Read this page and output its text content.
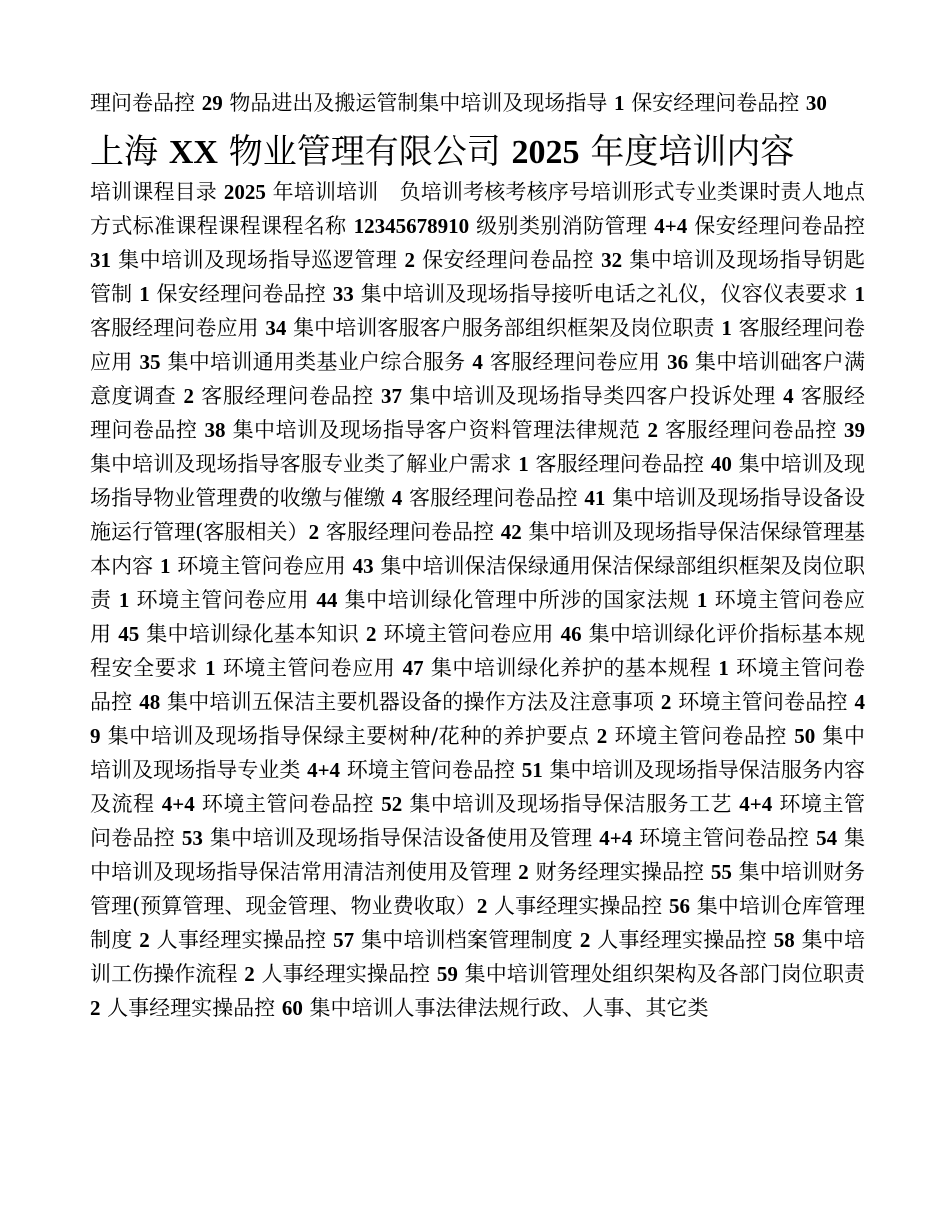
理问卷品控 29 物品进出及搬运管制集中培训及现场指导 1 保安经理问卷品控 30

上海 XX 物业管理有限公司 2025 年度培训内容

培训课程目录 2025 年培训培训　负培训考核考核序号培训形式专业类课时责人地点方式标准课程课程课程名称 12345678910 级别类别消防管理 4+4 保安经理问卷品控 31 集中培训及现场指导巡逻管理 2 保安经理问卷品控 32 集中培训及现场指导钥匙管制 1 保安经理问卷品控 33 集中培训及现场指导接听电话之礼仪，仪容仪表要求 1 客服经理问卷应用 34 集中培训客服客户服务部组织框架及岗位职责 1 客服经理问卷应用 35 集中培训通用类基业户综合服务 4 客服经理问卷应用 36 集中培训础客户满意度调查 2 客服经理问卷品控 37 集中培训及现场指导类四客户投诉处理 4 客服经理问卷品控 38 集中培训及现场指导客户资料管理法律规范 2 客服经理问卷品控 39 集中培训及现场指导客服专业类了解业户需求 1 客服经理问卷品控 40 集中培训及现场指导物业管理费的收缴与催缴 4 客服经理问卷品控 41 集中培训及现场指导设备设施运行管理(客服相关）2 客服经理问卷品控 42 集中培训及现场指导保洁保绿管理基本内容 1 环境主管问卷应用 43 集中培训保洁保绿通用保洁保绿部组织框架及岗位职责 1 环境主管问卷应用 44 集中培训绿化管理中所涉的国家法规 1 环境主管问卷应用 45 集中培训绿化基本知识 2 环境主管问卷应用 46 集中培训绿化评价指标基本规程安全要求 1 环境主管问卷应用 47 集中培训绿化养护的基本规程 1 环境主管问卷品控 48 集中培训五保洁主要机器设备的操作方法及注意事项 2 环境主管问卷品控 49 集中培训及现场指导保绿主要树种/花种的养护要点 2 环境主管问卷品控 50 集中培训及现场指导专业类 4+4 环境主管问卷品控 51 集中培训及现场指导保洁服务内容及流程 4+4 环境主管问卷品控 52 集中培训及现场指导保洁服务工艺 4+4 环境主管问卷品控 53 集中培训及现场指导保洁设备使用及管理 4+4 环境主管问卷品控 54 集中培训及现场指导保洁常用清洁剂使用及管理 2 财务经理实操品控 55 集中培训财务管理(预算管理、现金管理、物业费收取）2 人事经理实操品控 56 集中培训仓库管理制度 2 人事经理实操品控 57 集中培训档案管理制度 2 人事经理实操品控 58 集中培训工伤操作流程 2 人事经理实操品控 59 集中培训管理处组织架构及各部门岗位职责 2 人事经理实操品控 60 集中培训人事法律法规行政、人事、其它类
